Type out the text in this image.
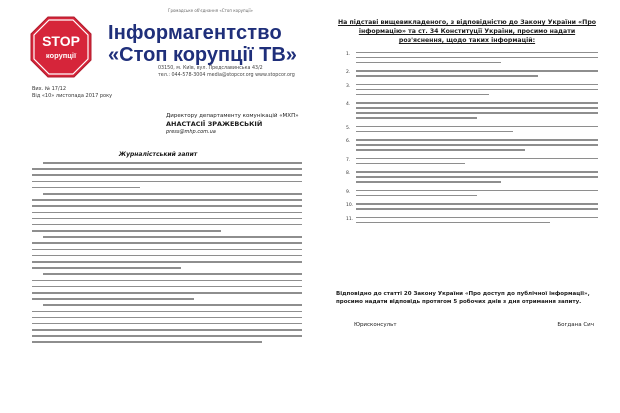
Громадське об'єднання «Стоп корупції»
STOP
корупції
Інформагентство
«Стоп корупції ТВ»
03150, м. Київ, вул. Предславинська 43/2
тел.: 044-578-3004 media@stopcor.org www.stopcor.org
Вих. № 17/12
Від «10» листопада 2017 року
Директору департаменту комунікацій «МХП»
АНАСТАСІЇ ЗРАЖЕВСЬКІЙ
press@mhp.com.ua
Журналістський запит
На підставі вищевикладеного, з відповідністю до Закону України «Про інформацію» та ст. 34 Конституції України, просимо надати роз'яснення, щодо таких інформацій:
1.
2.
3.
4.
5.
6.
7.
8.
9.
10.
11.
Відповідно до статті 20 Закону України «Про доступ до публічної інформації», просимо надати відповідь протягом 5 робочих днів з дня отримання запиту.
Юрисконсульт	Богдана Сич
